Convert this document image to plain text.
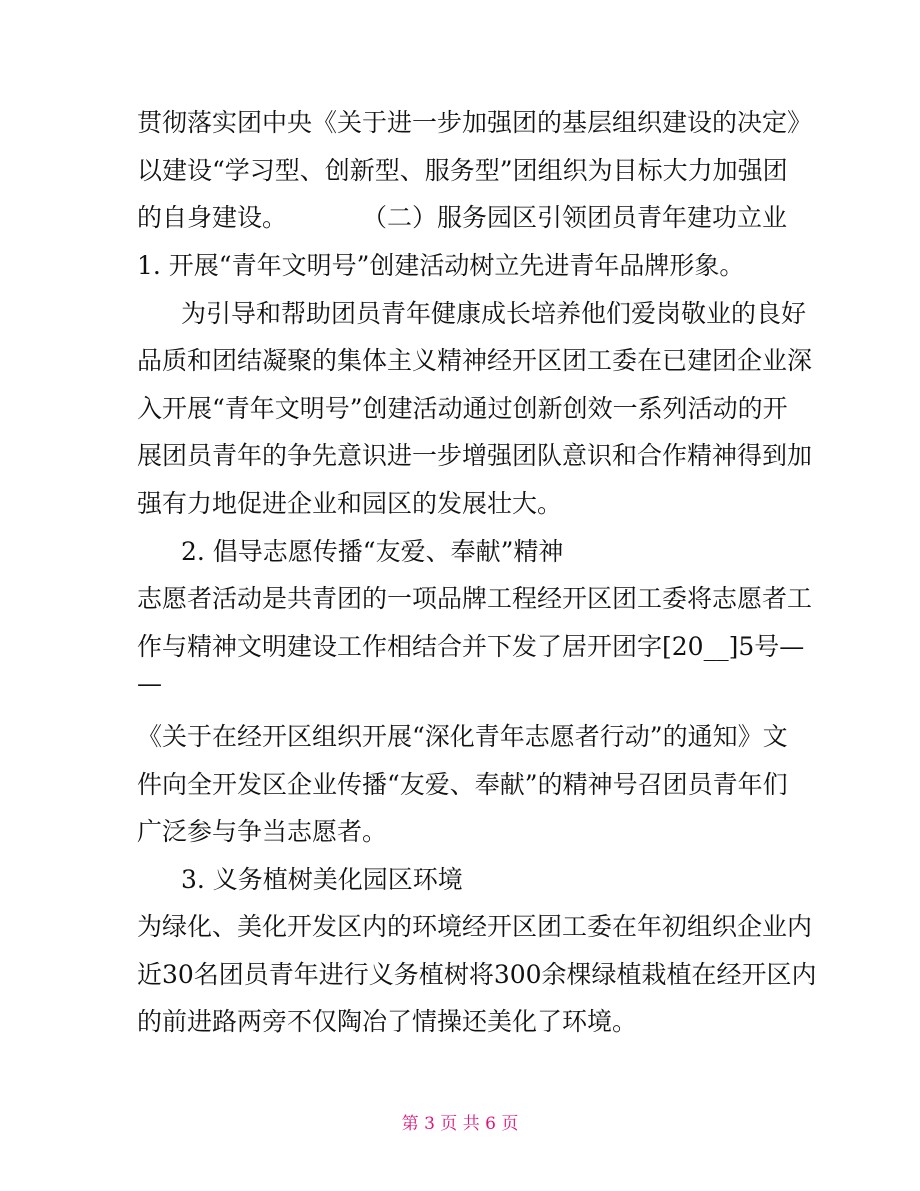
贯彻落实团中央《关于进一步加强团的基层组织建设的决定》

以建设“学习型、创新型、服务型”团组织为目标大力加强团

的自身建设。　　　　（二）服务园区引领团员青年建功立业

1. 开展“青年文明号”创建活动树立先进青年品牌形象。

为引导和帮助团员青年健康成长培养他们爱岗敬业的良好

品质和团结凝聚的集体主义精神经开区团工委在已建团企业深

入开展“青年文明号”创建活动通过创新创效一系列活动的开

展团员青年的争先意识进一步增强团队意识和合作精神得到加

强有力地促进企业和园区的发展壮大。

2. 倡导志愿传播“友爱、奉献”精神

志愿者活动是共青团的一项品牌工程经开区团工委将志愿者工

作与精神文明建设工作相结合并下发了居开团字[20__]5号—

—

《关于在经开区组织开展“深化青年志愿者行动”的通知》文

件向全开发区企业传播“友爱、奉献”的精神号召团员青年们

广泛参与争当志愿者。

3. 义务植树美化园区环境

为绿化、美化开发区内的环境经开区团工委在年初组织企业内

近30名团员青年进行义务植树将300余棵绿植栽植在经开区内

的前进路两旁不仅陶冶了情操还美化了环境。

第 3 页 共 6 页
